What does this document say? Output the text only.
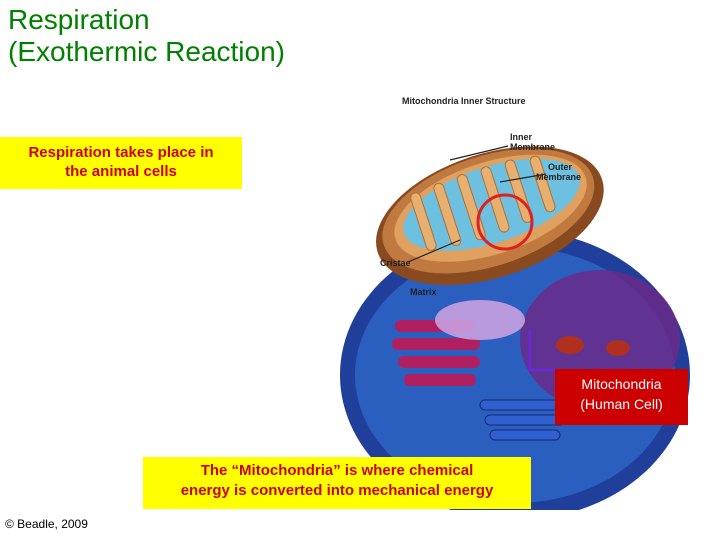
Respiration
(Exothermic Reaction)
Mitochondria Inner Structure
Inner
Membrane
Outer
Membrane
Cristae
Matrix
Respiration takes place in
the animal cells
Mitochondria
(Human Cell)
The “Mitochondria” is where chemical
energy is converted into mechanical energy
© Beadle, 2009
